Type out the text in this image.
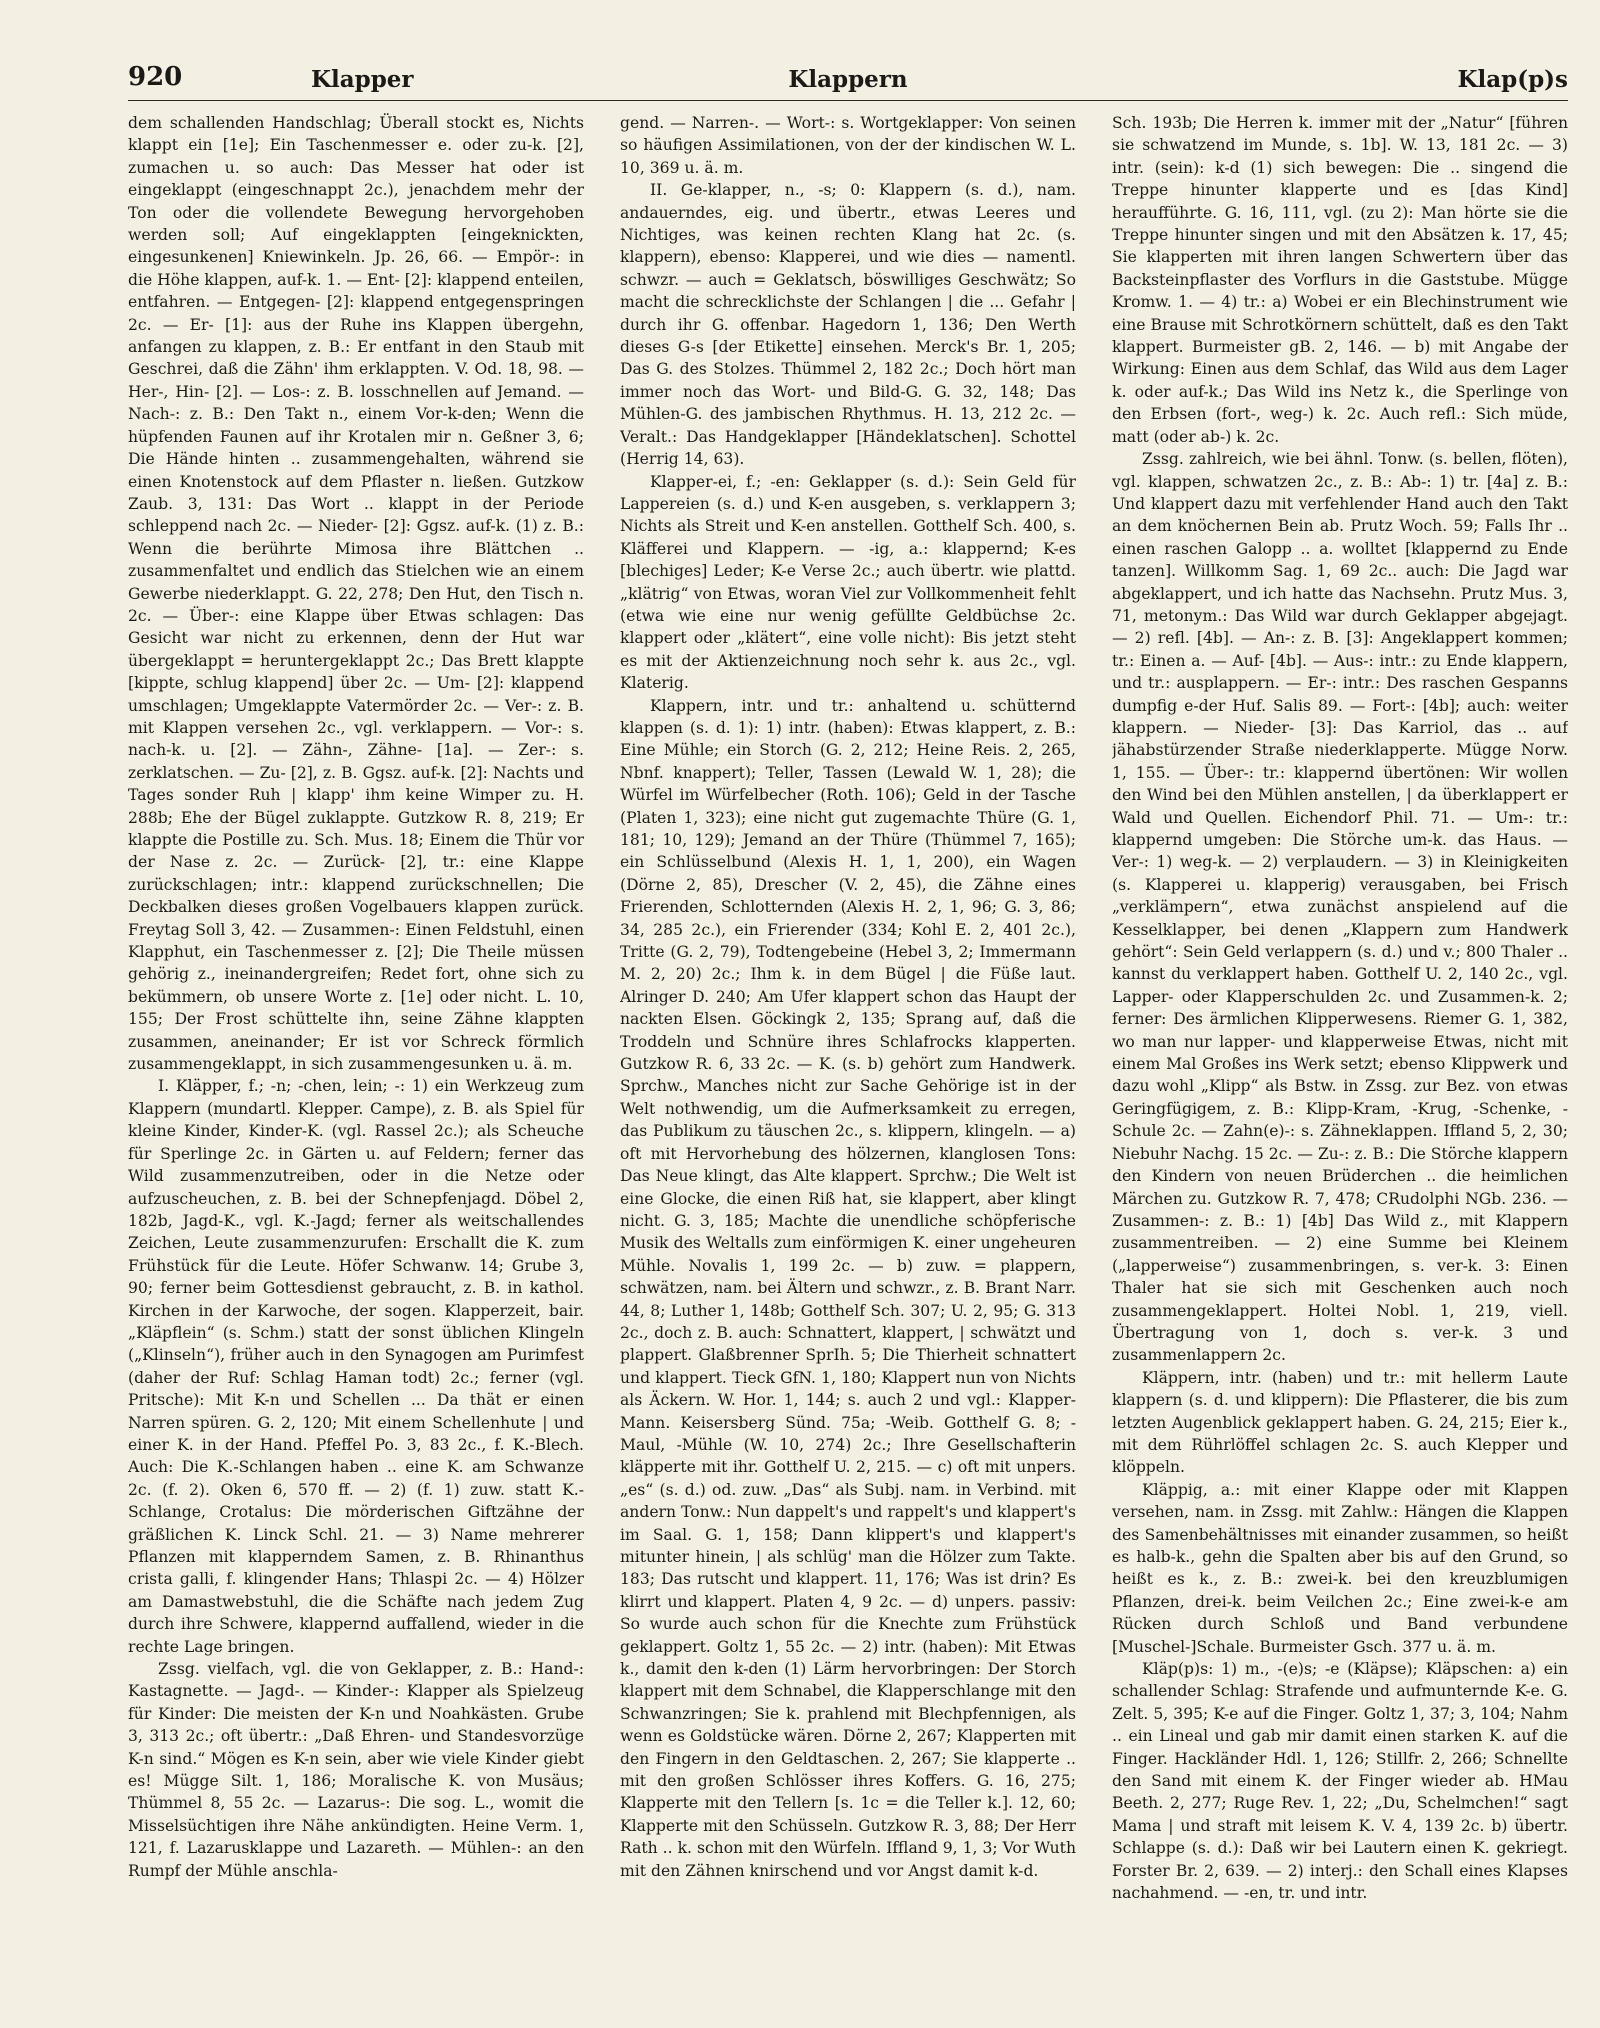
920	Klapper	Klappern	Klap(p)s

dem schallenden Handschlag; Überall stockt es, Nichts klappt ein [1e]; Ein Taschenmesser e. oder zu-k. [2], zumachen u. so auch: Das Messer hat oder ist eingeklappt (eingeschnappt 2c.), jenachdem mehr der Ton oder die vollendete Bewegung hervorgehoben werden soll; Auf eingeklappten [eingeknickten, eingesunkenen] Kniewinkeln. Jp. 26, 66. — Empör-: in die Höhe klappen, auf-k. 1. — Ent- [2]: klappend enteilen, entfahren. — Entgegen- [2]: klappend entgegenspringen 2c. — Er- [1]: aus der Ruhe ins Klappen übergehn, anfangen zu klappen, z. B.: Er entfant in den Staub mit Geschrei, daß die Zähn' ihm erklappten. V. Od. 18, 98. — Her-, Hin- [2]. — Los-: z. B. losschnellen auf Jemand. — Nach-: z. B.: Den Takt n., einem Vor-k-den; Wenn die hüpfenden Faunen auf ihr Krotalen mir n. Geßner 3, 6; Die Hände hinten .. zusammengehalten, während sie einen Knotenstock auf dem Pflaster n. ließen. Gutzkow Zaub. 3, 131: Das Wort .. klappt in der Periode schleppend nach 2c. — Nieder- [2]: Ggsz. auf-k. (1) z. B.: Wenn die berührte Mimosa ihre Blättchen .. zusammenfaltet und endlich das Stielchen wie an einem Gewerbe niederklappt. G. 22, 278; Den Hut, den Tisch n. 2c. — Über-: eine Klappe über Etwas schlagen: Das Gesicht war nicht zu erkennen, denn der Hut war übergeklappt = heruntergeklappt 2c.; Das Brett klappte [kippte, schlug klappend] über 2c. — Um- [2]: klappend umschlagen; Umgeklappte Vatermörder 2c. — Ver-: z. B. mit Klappen versehen 2c., vgl. verklappern. — Vor-: s. nach-k. u. [2]. — Zähn-, Zähne- [1a]. — Zer-: s. zerklatschen. — Zu- [2], z. B. Ggsz. auf-k. [2]: Nachts und Tages sonder Ruh | klapp' ihm keine Wimper zu. H. 288b; Ehe der Bügel zuklappte. Gutzkow R. 8, 219; Er klappte die Postille zu. Sch. Mus. 18; Einem die Thür vor der Nase z. 2c. — Zurück- [2], tr.: eine Klappe zurückschlagen; intr.: klappend zurückschnellen; Die Deckbalken dieses großen Vogelbauers klappen zurück. Freytag Soll 3, 42. — Zusammen-: Einen Feldstuhl, einen Klapphut, ein Taschenmesser z. [2]; Die Theile müssen gehörig z., ineinandergreifen; Redet fort, ohne sich zu bekümmern, ob unsere Worte z. [1e] oder nicht. L. 10, 155; Der Frost schüttelte ihn, seine Zähne klappten zusammen, aneinander; Er ist vor Schreck förmlich zusammengeklappt, in sich zusammengesunken u. ä. m.

I. Kläpper, f.; -n; -chen, lein; -: 1) ein Werkzeug zum Klappern (mundartl. Klepper. Campe), z. B. als Spiel für kleine Kinder, Kinder-K. (vgl. Rassel 2c.); als Scheuche für Sperlinge 2c. in Gärten u. auf Feldern; ferner das Wild zusammenzutreiben, oder in die Netze oder aufzuscheuchen, z. B. bei der Schnepfenjagd. Döbel 2, 182b, Jagd-K., vgl. K.-Jagd; ferner als weitschallendes Zeichen, Leute zusammenzurufen: Erschallt die K. zum Frühstück für die Leute. Höfer Schwanw. 14; Grube 3, 90; ferner beim Gottesdienst gebraucht, z. B. in kathol. Kirchen in der Karwoche, der sogen. Klapperzeit, bair. „Kläpflein“ (s. Schm.) statt der sonst üblichen Klingeln („Klinseln“), früher auch in den Synagogen am Purimfest (daher der Ruf: Schlag Haman todt) 2c.; ferner (vgl. Pritsche): Mit K-n und Schellen ... Da thät er einen Narren spüren. G. 2, 120; Mit einem Schellenhute | und einer K. in der Hand. Pfeffel Po. 3, 83 2c., f. K.-Blech. Auch: Die K.-Schlangen haben .. eine K. am Schwanze 2c. (f. 2). Oken 6, 570 ff. — 2) (f. 1) zuw. statt K.-Schlange, Crotalus: Die mörderischen Giftzähne der gräßlichen K. Linck Schl. 21. — 3) Name mehrerer Pflanzen mit klapperndem Samen, z. B. Rhinanthus crista galli, f. klingender Hans; Thlaspi 2c. — 4) Hölzer am Damastwebstuhl, die die Schäfte nach jedem Zug durch ihre Schwere, klappernd auffallend, wieder in die rechte Lage bringen.

Zssg. vielfach, vgl. die von Geklapper, z. B.: Hand-: Kastagnette. — Jagd-. — Kinder-: Klapper als Spielzeug für Kinder: Die meisten der K-n und Noahkästen. Grube 3, 313 2c.; oft übertr.: „Daß Ehren- und Standesvorzüge K-n sind.“ Mögen es K-n sein, aber wie viele Kinder giebt es! Mügge Silt. 1, 186; Moralische K. von Musäus; Thümmel 8, 55 2c. — Lazarus-: Die sog. L., womit die Misselsüchtigen ihre Nähe ankündigten. Heine Verm. 1, 121, f. Lazarusklappe und Lazareth. — Mühlen-: an den Rumpf der Mühle anschla-

gend. — Narren-. — Wort-: s. Wortgeklapper: Von seinen so häufigen Assimilationen, von der der kindischen W. L. 10, 369 u. ä. m.

II. Ge-klapper, n., -s; 0: Klappern (s. d.), nam. andauerndes, eig. und übertr., etwas Leeres und Nichtiges, was keinen rechten Klang hat 2c. (s. klappern), ebenso: Klapperei, und wie dies — namentl. schwzr. — auch = Geklatsch, böswilliges Geschwätz; So macht die schrecklichste der Schlangen | die ... Gefahr | durch ihr G. offenbar. Hagedorn 1, 136; Den Werth dieses G-s [der Etikette] einsehen. Merck's Br. 1, 205; Das G. des Stolzes. Thümmel 2, 182 2c.; Doch hört man immer noch das Wort- und Bild-G. G. 32, 148; Das Mühlen-G. des jambischen Rhythmus. H. 13, 212 2c. — Veralt.: Das Handgeklapper [Händeklatschen]. Schottel (Herrig 14, 63).

Klapper-ei, f.; -en: Geklapper (s. d.): Sein Geld für Lappereien (s. d.) und K-en ausgeben, s. verklappern 3; Nichts als Streit und K-en anstellen. Gotthelf Sch. 400, s. Kläfferei und Klappern. — -ig, a.: klappernd; K-es [blechiges] Leder; K-e Verse 2c.; auch übertr. wie plattd. „klätrig“ von Etwas, woran Viel zur Vollkommenheit fehlt (etwa wie eine nur wenig gefüllte Geldbüchse 2c. klappert oder „klätert“, eine volle nicht): Bis jetzt steht es mit der Aktienzeichnung noch sehr k. aus 2c., vgl. Klaterig.

Klappern, intr. und tr.: anhaltend u. schütternd klappen (s. d. 1): 1) intr. (haben): Etwas klappert, z. B.: Eine Mühle; ein Storch (G. 2, 212; Heine Reis. 2, 265, Nbnf. knappert); Teller, Tassen (Lewald W. 1, 28); die Würfel im Würfelbecher (Roth. 106); Geld in der Tasche (Platen 1, 323); eine nicht gut zugemachte Thüre (G. 1, 181; 10, 129); Jemand an der Thüre (Thümmel 7, 165); ein Schlüsselbund (Alexis H. 1, 1, 200), ein Wagen (Dörne 2, 85), Drescher (V. 2, 45), die Zähne eines Frierenden, Schlotternden (Alexis H. 2, 1, 96; G. 3, 86; 34, 285 2c.), ein Frierender (334; Kohl E. 2, 401 2c.), Tritte (G. 2, 79), Todtengebeine (Hebel 3, 2; Immermann M. 2, 20) 2c.; Ihm k. in dem Bügel | die Füße laut. Alringer D. 240; Am Ufer klappert schon das Haupt der nackten Elsen. Göckingk 2, 135; Sprang auf, daß die Troddeln und Schnüre ihres Schlafrocks klapperten. Gutzkow R. 6, 33 2c. — K. (s. b) gehört zum Handwerk. Sprchw., Manches nicht zur Sache Gehörige ist in der Welt nothwendig, um die Aufmerksamkeit zu erregen, das Publikum zu täuschen 2c., s. klippern, klingeln. — a) oft mit Hervorhebung des hölzernen, klanglosen Tons: Das Neue klingt, das Alte klappert. Sprchw.; Die Welt ist eine Glocke, die einen Riß hat, sie klappert, aber klingt nicht. G. 3, 185; Machte die unendliche schöpferische Musik des Weltalls zum einförmigen K. einer ungeheuren Mühle. Novalis 1, 199 2c. — b) zuw. = plappern, schwätzen, nam. bei Ältern und schwzr., z. B. Brant Narr. 44, 8; Luther 1, 148b; Gotthelf Sch. 307; U. 2, 95; G. 313 2c., doch z. B. auch: Schnattert, klappert, | schwätzt und plappert. Glaßbrenner SprIh. 5; Die Thierheit schnattert und klappert. Tieck GfN. 1, 180; Klappert nun von Nichts als Äckern. W. Hor. 1, 144; s. auch 2 und vgl.: Klapper-Mann. Keisersberg Sünd. 75a; -Weib. Gotthelf G. 8; -Maul, -Mühle (W. 10, 274) 2c.; Ihre Gesellschafterin kläpperte mit ihr. Gotthelf U. 2, 215. — c) oft mit unpers. „es“ (s. d.) od. zuw. „Das“ als Subj. nam. in Verbind. mit andern Tonw.: Nun dappelt's und rappelt's und klappert's im Saal. G. 1, 158; Dann klippert's und klappert's mitunter hinein, | als schlüg' man die Hölzer zum Takte. 183; Das rutscht und klappert. 11, 176; Was ist drin? Es klirrt und klappert. Platen 4, 9 2c. — d) unpers. passiv: So wurde auch schon für die Knechte zum Frühstück geklappert. Goltz 1, 55 2c. — 2) intr. (haben): Mit Etwas k., damit den k-den (1) Lärm hervorbringen: Der Storch klappert mit dem Schnabel, die Klapperschlange mit den Schwanzringen; Sie k. prahlend mit Blechpfennigen, als wenn es Goldstücke wären. Dörne 2, 267; Klapperten mit den Fingern in den Geldtaschen. 2, 267; Sie klapperte .. mit den großen Schlösser ihres Koffers. G. 16, 275; Klapperte mit den Tellern [s. 1c = die Teller k.]. 12, 60; Klapperte mit den Schüsseln. Gutzkow R. 3, 88; Der Herr Rath .. k. schon mit den Würfeln. Iffland 9, 1, 3; Vor Wuth mit den Zähnen knirschend und vor Angst damit k-d.

Sch. 193b; Die Herren k. immer mit der „Natur“ [führen sie schwatzend im Munde, s. 1b]. W. 13, 181 2c. — 3) intr. (sein): k-d (1) sich bewegen: Die .. singend die Treppe hinunter klapperte und es [das Kind] heraufführte. G. 16, 111, vgl. (zu 2): Man hörte sie die Treppe hinunter singen und mit den Absätzen k. 17, 45; Sie klapperten mit ihren langen Schwertern über das Backsteinpflaster des Vorflurs in die Gaststube. Mügge Kromw. 1. — 4) tr.: a) Wobei er ein Blechinstrument wie eine Brause mit Schrotkörnern schüttelt, daß es den Takt klappert. Burmeister gB. 2, 146. — b) mit Angabe der Wirkung: Einen aus dem Schlaf, das Wild aus dem Lager k. oder auf-k.; Das Wild ins Netz k., die Sperlinge von den Erbsen (fort-, weg-) k. 2c. Auch refl.: Sich müde, matt (oder ab-) k. 2c.

Zssg. zahlreich, wie bei ähnl. Tonw. (s. bellen, flöten), vgl. klappen, schwatzen 2c., z. B.: Ab-: 1) tr. [4a] z. B.: Und klappert dazu mit verfehlender Hand auch den Takt an dem knöchernen Bein ab. Prutz Woch. 59; Falls Ihr .. einen raschen Galopp .. a. wolltet [klappernd zu Ende tanzen]. Willkomm Sag. 1, 69 2c.. auch: Die Jagd war abgeklappert, und ich hatte das Nachsehn. Prutz Mus. 3, 71, metonym.: Das Wild war durch Geklapper abgejagt. — 2) refl. [4b]. — An-: z. B. [3]: Angeklappert kommen; tr.: Einen a. — Auf- [4b]. — Aus-: intr.: zu Ende klappern, und tr.: ausplappern. — Er-: intr.: Des raschen Gespanns dumpfig e-der Huf. Salis 89. — Fort-: [4b]; auch: weiter klappern. — Nieder- [3]: Das Karriol, das .. auf jähabstürzender Straße niederklapperte. Mügge Norw. 1, 155. — Über-: tr.: klappernd übertönen: Wir wollen den Wind bei den Mühlen anstellen, | da überklappert er Wald und Quellen. Eichendorf Phil. 71. — Um-: tr.: klappernd umgeben: Die Störche um-k. das Haus. — Ver-: 1) weg-k. — 2) verplaudern. — 3) in Kleinigkeiten (s. Klapperei u. klapperig) verausgaben, bei Frisch „verklämpern“, etwa zunächst anspielend auf die Kesselklapper, bei denen „Klappern zum Handwerk gehört“: Sein Geld verlappern (s. d.) und v.; 800 Thaler .. kannst du verklappert haben. Gotthelf U. 2, 140 2c., vgl. Lapper- oder Klapperschulden 2c. und Zusammen-k. 2; ferner: Des ärmlichen Klipperwesens. Riemer G. 1, 382, wo man nur lapper- und klapperweise Etwas, nicht mit einem Mal Großes ins Werk setzt; ebenso Klippwerk und dazu wohl „Klipp“ als Bstw. in Zssg. zur Bez. von etwas Geringfügigem, z. B.: Klipp-Kram, -Krug, -Schenke, -Schule 2c. — Zahn(e)-: s. Zähneklappen. Iffland 5, 2, 30; Niebuhr Nachg. 15 2c. — Zu-: z. B.: Die Störche klappern den Kindern von neuen Brüderchen .. die heimlichen Märchen zu. Gutzkow R. 7, 478; CRudolphi NGb. 236. — Zusammen-: z. B.: 1) [4b] Das Wild z., mit Klappern zusammentreiben. — 2) eine Summe bei Kleinem („lapperweise“) zusammenbringen, s. ver-k. 3: Einen Thaler hat sie sich mit Geschenken auch noch zusammengeklappert. Holtei Nobl. 1, 219, viell. Übertragung von 1, doch s. ver-k. 3 und zusammenlappern 2c.

Kläppern, intr. (haben) und tr.: mit hellerm Laute klappern (s. d. und klippern): Die Pflasterer, die bis zum letzten Augenblick geklappert haben. G. 24, 215; Eier k., mit dem Rührlöffel schlagen 2c. S. auch Klepper und klöppeln.

Kläppig, a.: mit einer Klappe oder mit Klappen versehen, nam. in Zssg. mit Zahlw.: Hängen die Klappen des Samenbehältnisses mit einander zusammen, so heißt es halb-k., gehn die Spalten aber bis auf den Grund, so heißt es k., z. B.: zwei-k. bei den kreuzblumigen Pflanzen, drei-k. beim Veilchen 2c.; Eine zwei-k-e am Rücken durch Schloß und Band verbundene [Muschel-]Schale. Burmeister Gsch. 377 u. ä. m.

Kläp(p)s: 1) m., -(e)s; -e (Kläpse); Kläpschen: a) ein schallender Schlag: Strafende und aufmunternde K-e. G. Zelt. 5, 395; K-e auf die Finger. Goltz 1, 37; 3, 104; Nahm .. ein Lineal und gab mir damit einen starken K. auf die Finger. Hackländer Hdl. 1, 126; Stillfr. 2, 266; Schnellte den Sand mit einem K. der Finger wieder ab. HMau Beeth. 2, 277; Ruge Rev. 1, 22; „Du, Schelmchen!“ sagt Mama | und straft mit leisem K. V. 4, 139 2c. b) übertr. Schlappe (s. d.): Daß wir bei Lautern einen K. gekriegt. Forster Br. 2, 639. — 2) interj.: den Schall eines Klapses nachahmend. — -en, tr. und intr.
